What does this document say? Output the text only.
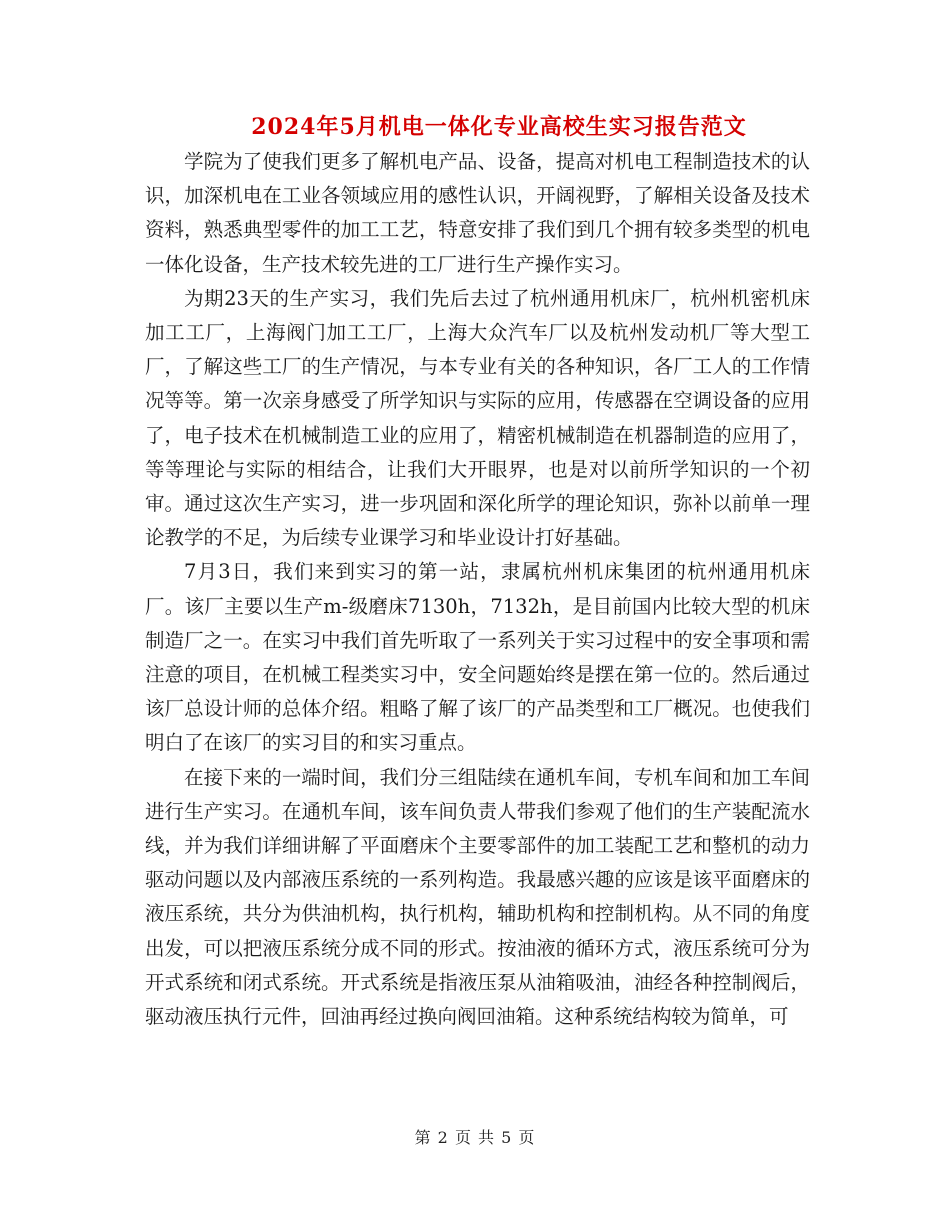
2024年5月机电一体化专业高校生实习报告范文

学院为了使我们更多了解机电产品、设备，提高对机电工程制造技术的认识，加深机电在工业各领域应用的感性认识，开阔视野，了解相关设备及技术资料，熟悉典型零件的加工工艺，特意安排了我们到几个拥有较多类型的机电一体化设备，生产技术较先进的工厂进行生产操作实习。

为期23天的生产实习，我们先后去过了杭州通用机床厂，杭州机密机床加工工厂，上海阀门加工工厂，上海大众汽车厂以及杭州发动机厂等大型工厂，了解这些工厂的生产情况，与本专业有关的各种知识，各厂工人的工作情况等等。第一次亲身感受了所学知识与实际的应用，传感器在空调设备的应用了，电子技术在机械制造工业的应用了，精密机械制造在机器制造的应用了，等等理论与实际的相结合，让我们大开眼界，也是对以前所学知识的一个初审。通过这次生产实习，进一步巩固和深化所学的理论知识，弥补以前单一理论教学的不足，为后续专业课学习和毕业设计打好基础。

7月3日，我们来到实习的第一站，隶属杭州机床集团的杭州通用机床厂。该厂主要以生产m-级磨床7130h，7132h，是目前国内比较大型的机床制造厂之一。在实习中我们首先听取了一系列关于实习过程中的安全事项和需注意的项目，在机械工程类实习中，安全问题始终是摆在第一位的。然后通过该厂总设计师的总体介绍。粗略了解了该厂的产品类型和工厂概况。也使我们明白了在该厂的实习目的和实习重点。

在接下来的一端时间，我们分三组陆续在通机车间，专机车间和加工车间进行生产实习。在通机车间，该车间负责人带我们参观了他们的生产装配流水线，并为我们详细讲解了平面磨床个主要零部件的加工装配工艺和整机的动力驱动问题以及内部液压系统的一系列构造。我最感兴趣的应该是该平面磨床的液压系统，共分为供油机构，执行机构，辅助机构和控制机构。从不同的角度出发，可以把液压系统分成不同的形式。按油液的循环方式，液压系统可分为开式系统和闭式系统。开式系统是指液压泵从油箱吸油，油经各种控制阀后，驱动液压执行元件，回油再经过换向阀回油箱。这种系统结构较为简单，可

第 2 页 共 5 页
